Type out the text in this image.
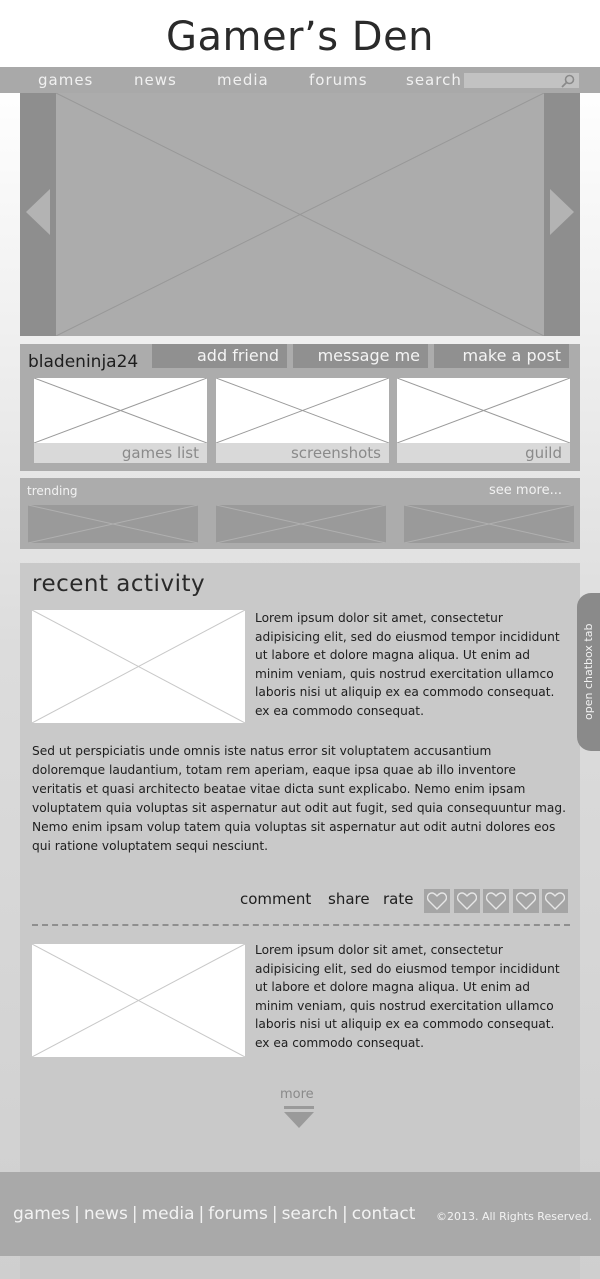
Gamer’s Den
games	news	media	forums	search
bladeninja24	add friend	message me	make a post
games list	screenshots	guild
trending	see more...
recent activity
Lorem ipsum dolor sit amet, consectetur adipisicing elit, sed do eiusmod tempor incididunt ut labore et dolore magna aliqua. Ut enim ad minim veniam, quis nostrud exercitation ullamco laboris nisi ut aliquip ex ea commodo consequat. ex ea commodo consequat.
Sed ut perspiciatis unde omnis iste natus error sit voluptatem accusantium doloremque laudantium, totam rem aperiam, eaque ipsa quae ab illo inventore veritatis et quasi architecto beatae vitae dicta sunt explicabo. Nemo enim ipsam voluptatem quia voluptas sit aspernatur aut odit aut fugit, sed quia consequuntur mag. Nemo enim ipsam volup tatem quia voluptas sit aspernatur aut odit autni dolores eos qui ratione voluptatem sequi nesciunt.
comment share rate
Lorem ipsum dolor sit amet, consectetur adipisicing elit, sed do eiusmod tempor incididunt ut labore et dolore magna aliqua. Ut enim ad minim veniam, quis nostrud exercitation ullamco laboris nisi ut aliquip ex ea commodo consequat. ex ea commodo consequat.
more
open chatbox tab
games | news | media | forums | search | contact ©2013. All Rights Reserved.
